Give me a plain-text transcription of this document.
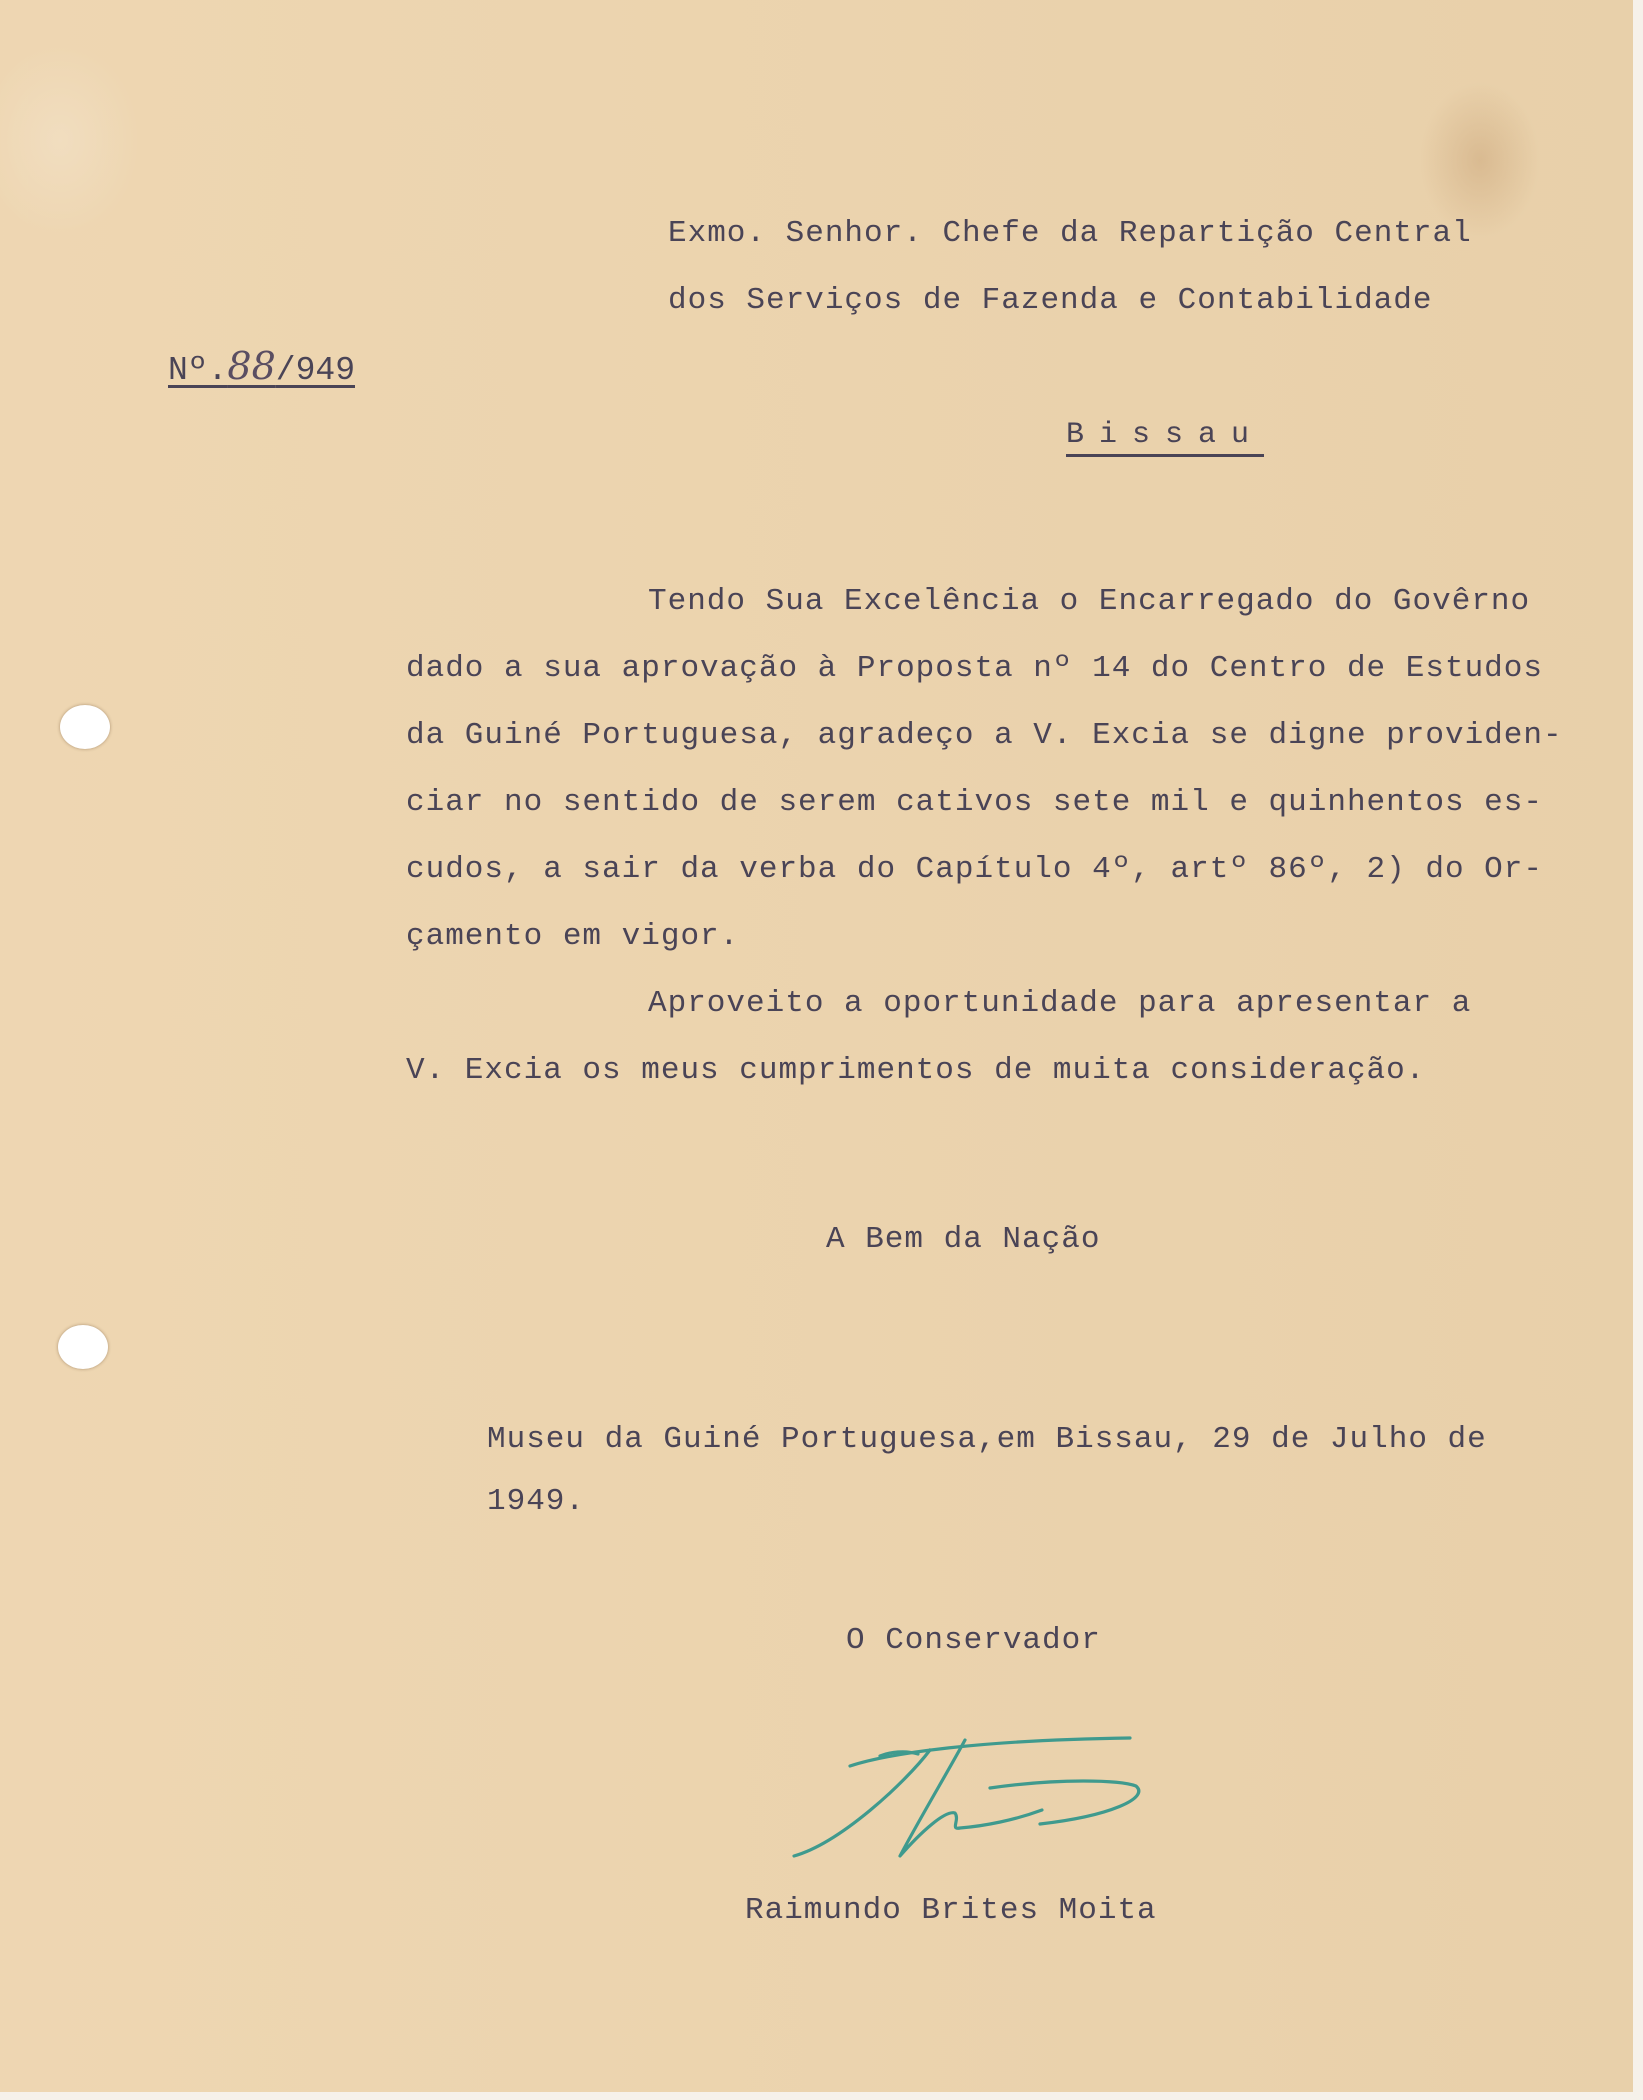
Exmo. Senhor. Chefe da Repartição Central
dos Serviços de Fazenda e Contabilidade
Nº.88/949
Bissau
Tendo Sua Excelência o Encarregado do Govêrno
dado a sua aprovação à Proposta nº 14 do Centro de Estudos
da Guiné Portuguesa, agradeço a V. Excia se digne providen-
ciar no sentido de serem cativos sete mil e quinhentos es-
cudos, a sair da verba do Capítulo 4º, artº 86º, 2) do Or-
çamento em vigor.
Aproveito a oportunidade para apresentar a
V. Excia os meus cumprimentos de muita consideração.
A Bem da Nação
Museu da Guiné Portuguesa,em Bissau, 29 de Julho de
1949.
O Conservador
Raimundo Brites Moita
